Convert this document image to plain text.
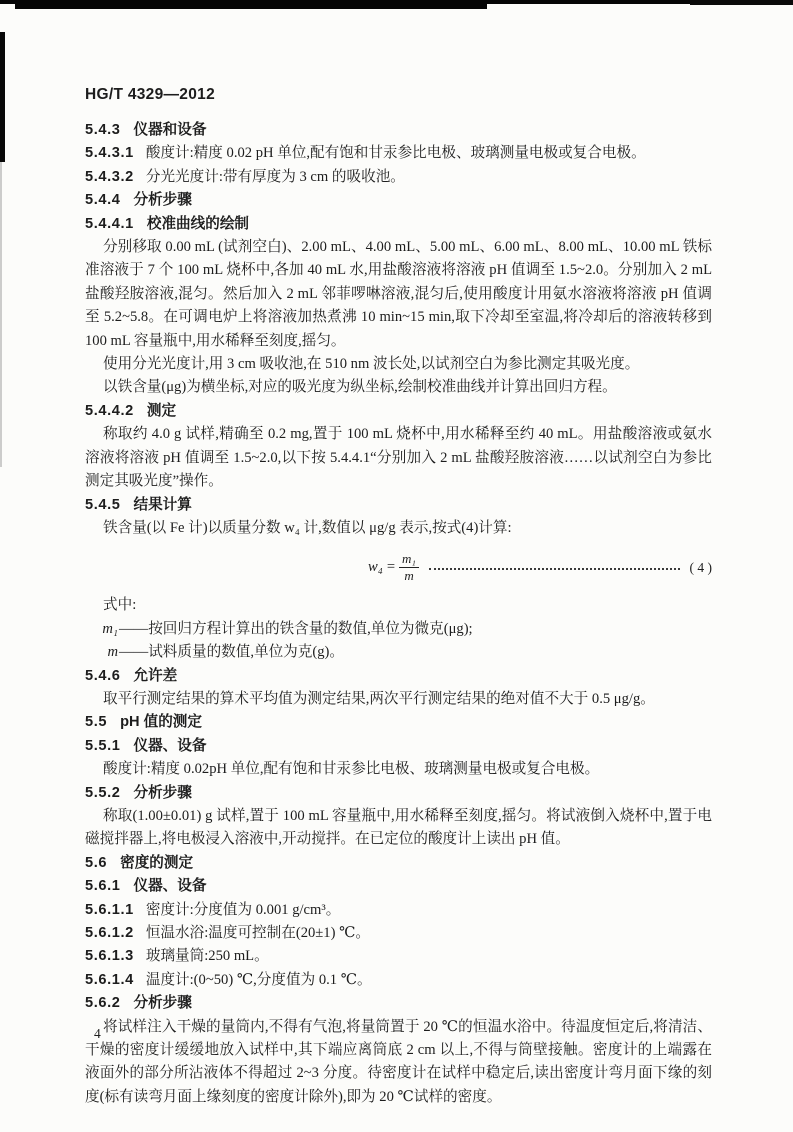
HG/T 4329—2012
5.4.3 仪器和设备
5.4.3.1 酸度计:精度 0.02 pH 单位,配有饱和甘汞参比电极、玻璃测量电极或复合电极。
5.4.3.2 分光光度计:带有厚度为 3 cm 的吸收池。
5.4.4 分析步骤
5.4.4.1 校准曲线的绘制
分别移取 0.00 mL (试剂空白)、2.00 mL、4.00 mL、5.00 mL、6.00 mL、8.00 mL、10.00 mL 铁标准溶液于 7 个 100 mL 烧杯中,各加 40 mL 水,用盐酸溶液将溶液 pH 值调至 1.5~2.0。分别加入 2 mL 盐酸羟胺溶液,混匀。然后加入 2 mL 邻菲啰啉溶液,混匀后,使用酸度计用氨水溶液将溶液 pH 值调至 5.2~5.8。在可调电炉上将溶液加热煮沸 10 min~15 min,取下冷却至室温,将冷却后的溶液转移到 100 mL 容量瓶中,用水稀释至刻度,摇匀。
使用分光光度计,用 3 cm 吸收池,在 510 nm 波长处,以试剂空白为参比测定其吸光度。
以铁含量(μg)为横坐标,对应的吸光度为纵坐标,绘制校准曲线并计算出回归方程。
5.4.4.2 测定
称取约 4.0 g 试样,精确至 0.2 mg,置于 100 mL 烧杯中,用水稀释至约 40 mL。用盐酸溶液或氨水溶液将溶液 pH 值调至 1.5~2.0,以下按 5.4.4.1“分别加入 2 mL 盐酸羟胺溶液……以试剂空白为参比测定其吸光度”操作。
5.4.5 结果计算
铁含量(以 Fe 计)以质量分数 w₄ 计,数值以 μg/g 表示,按式(4)计算:
$w_4 = \frac{\text{m₁}}{m}$	( 4 )
式中:
m₁ ——按回归方程计算出的铁含量的数值,单位为微克(μg);
m ——试料质量的数值,单位为克(g)。
5.4.6 允许差
取平行测定结果的算术平均值为测定结果,两次平行测定结果的绝对值不大于 0.5 μg/g。
5.5 pH 值的测定
5.5.1 仪器、设备
酸度计:精度 0.02pH 单位,配有饱和甘汞参比电极、玻璃测量电极或复合电极。
5.5.2 分析步骤
称取(1.00±0.01) g 试样,置于 100 mL 容量瓶中,用水稀释至刻度,摇匀。将试液倒入烧杯中,置于电磁搅拌器上,将电极浸入溶液中,开动搅拌。在已定位的酸度计上读出 pH 值。
5.6 密度的测定
5.6.1 仪器、设备
5.6.1.1 密度计:分度值为 0.001 g/cm³。
5.6.1.2 恒温水浴:温度可控制在(20±1) ℃。
5.6.1.3 玻璃量筒:250 mL。
5.6.1.4 温度计:(0~50) ℃,分度值为 0.1 ℃。
5.6.2 分析步骤
将试样注入干燥的量筒内,不得有气泡,将量筒置于 20 ℃的恒温水浴中。待温度恒定后,将清洁、干燥的密度计缓缓地放入试样中,其下端应离筒底 2 cm 以上,不得与筒壁接触。密度计的上端露在液面外的部分所沾液体不得超过 2~3 分度。待密度计在试样中稳定后,读出密度计弯月面下缘的刻度(标有读弯月面上缘刻度的密度计除外),即为 20 ℃试样的密度。
4
